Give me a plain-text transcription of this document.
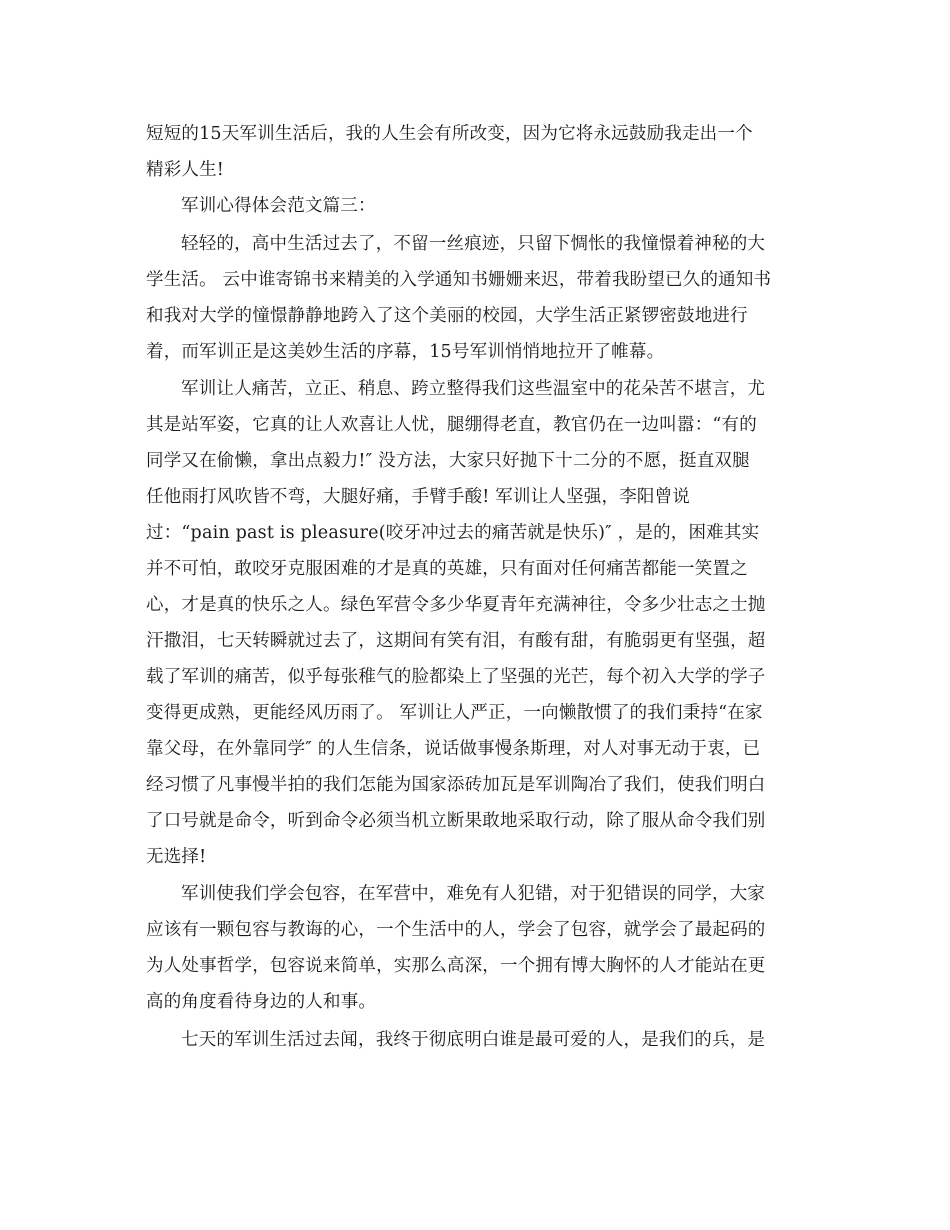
短短的15天军训生活后，我的人生会有所改变，因为它将永远鼓励我走出一个
精彩人生!
军训心得体会范文篇三：
轻轻的，高中生活过去了，不留一丝痕迹，只留下惆怅的我憧憬着神秘的大
学生活。 云中谁寄锦书来精美的入学通知书姗姗来迟，带着我盼望已久的通知书
和我对大学的憧憬静静地跨入了这个美丽的校园，大学生活正紧锣密鼓地进行
着，而军训正是这美妙生活的序幕，15号军训悄悄地拉开了帷幕。
军训让人痛苦，立正、稍息、跨立整得我们这些温室中的花朵苦不堪言，尤
其是站军姿，它真的让人欢喜让人忧，腿绷得老直，教官仍在一边叫嚣：“有的
同学又在偷懒，拿出点毅力!″ 没方法，大家只好抛下十二分的不愿，挺直双腿
任他雨打风吹皆不弯，大腿好痛，手臂手酸! 军训让人坚强，李阳曾说
过：“pain past is pleasure(咬牙冲过去的痛苦就是快乐)″ ，是的，困难其实
并不可怕，敢咬牙克服困难的才是真的英雄，只有面对任何痛苦都能一笑置之
心，才是真的快乐之人。绿色军营令多少华夏青年充满神往，令多少壮志之士抛
汗撒泪，七天转瞬就过去了，这期间有笑有泪，有酸有甜，有脆弱更有坚强，超
载了军训的痛苦，似乎每张稚气的脸都染上了坚强的光芒，每个初入大学的学子
变得更成熟，更能经风历雨了。 军训让人严正，一向懒散惯了的我们秉持“在家
靠父母，在外靠同学″ 的人生信条，说话做事慢条斯理，对人对事无动于衷，已
经习惯了凡事慢半拍的我们怎能为国家添砖加瓦是军训陶冶了我们，使我们明白
了口号就是命令，听到命令必须当机立断果敢地采取行动，除了服从命令我们别
无选择!
军训使我们学会包容，在军营中，难免有人犯错，对于犯错误的同学，大家
应该有一颗包容与教诲的心，一个生活中的人，学会了包容，就学会了最起码的
为人处事哲学，包容说来简单，实那么高深，一个拥有博大胸怀的人才能站在更
高的角度看待身边的人和事。
七天的军训生活过去闻，我终于彻底明白谁是最可爱的人，是我们的兵，是
